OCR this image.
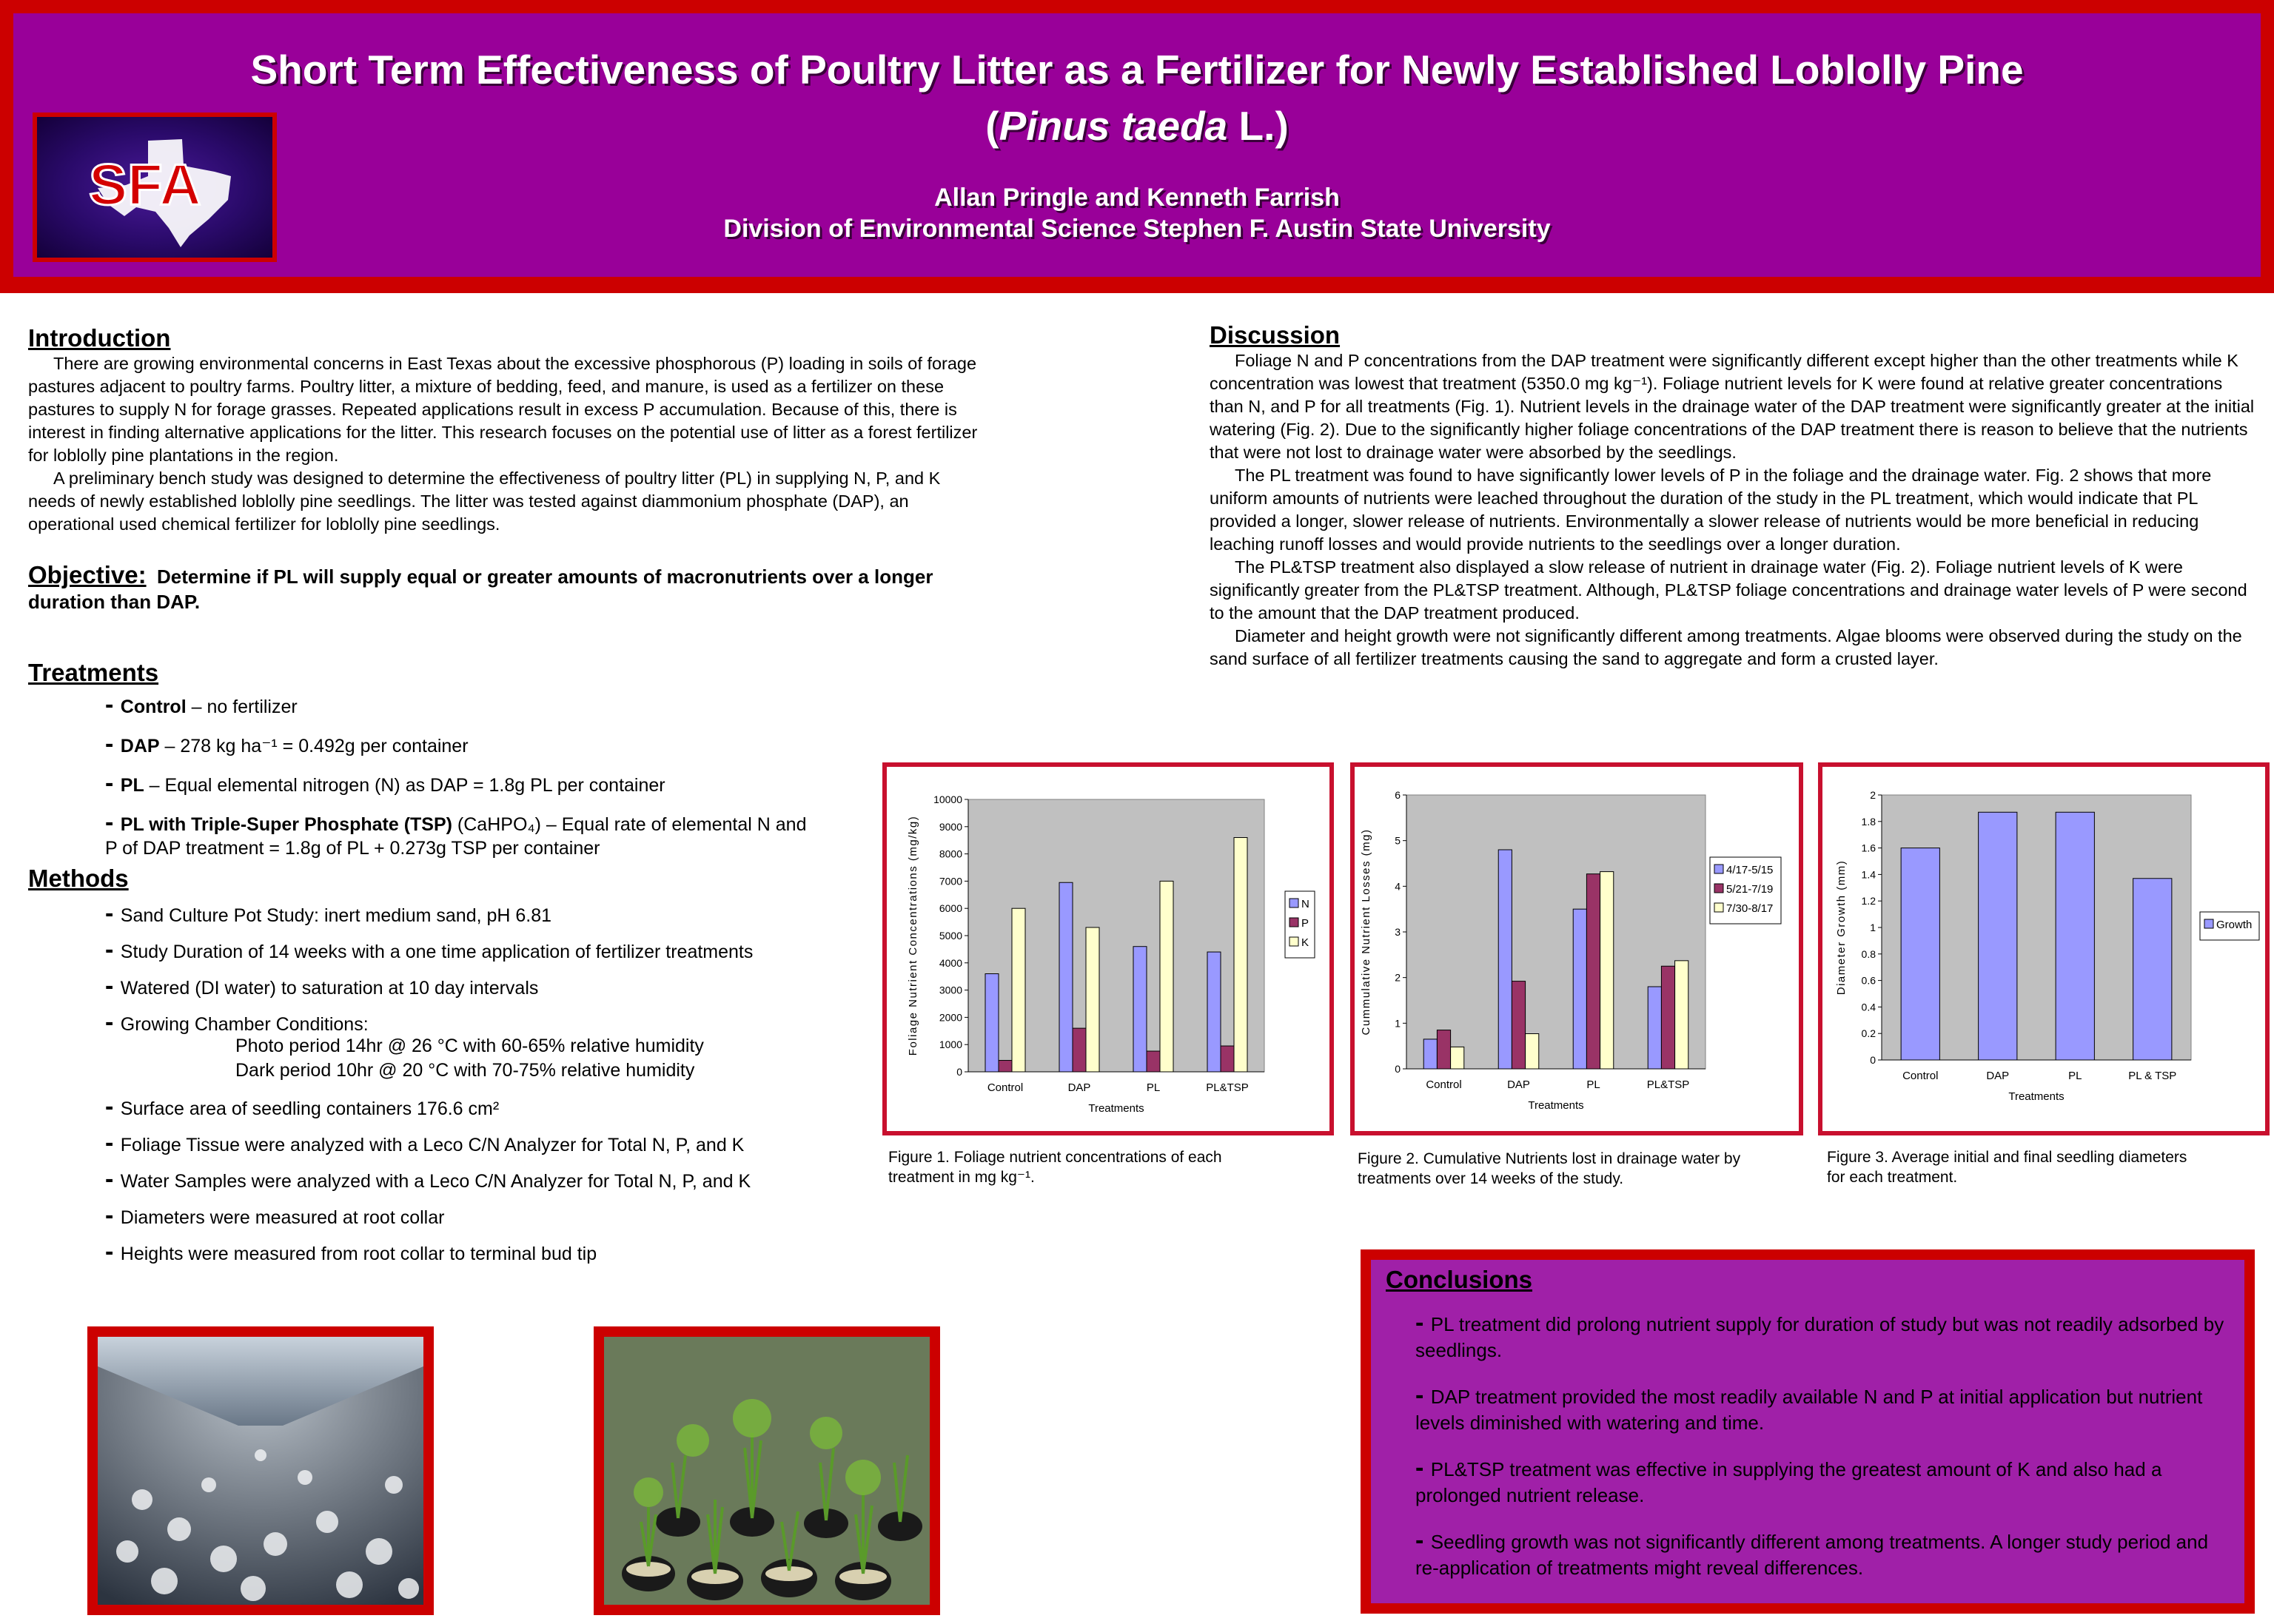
SFA
Short Term Effectiveness of Poultry Litter as a Fertilizer for Newly Established Loblolly Pine
(Pinus taeda L.)
Allan Pringle and Kenneth Farrish
Division of Environmental Science Stephen F. Austin State University
Introduction

There are growing environmental concerns in East Texas about the excessive phosphorous (P) loading in soils of forage pastures adjacent to poultry farms. Poultry litter, a mixture of bedding, feed, and manure, is used as a fertilizer on these pastures to supply N for forage grasses. Repeated applications result in excess P accumulation. Because of this, there is interest in finding alternative applications for the litter. This research focuses on the potential use of litter as a forest fertilizer for loblolly pine plantations in the region.

A preliminary bench study was designed to determine the effectiveness of poultry litter (PL) in supplying N, P, and K needs of newly established loblolly pine seedlings. The litter was tested against diammonium phosphate (DAP), an operational used chemical fertilizer for loblolly pine seedlings.

Objective: Determine if PL will supply equal or greater amounts of macronutrients over a longer duration than DAP.
Treatments
- Control – no fertilizer
- DAP – 278 kg ha⁻¹ = 0.492g per container
- PL – Equal elemental nitrogen (N) as DAP = 1.8g PL per container
- PL with Triple-Super Phosphate (TSP) (CaHPO₄) – Equal rate of elemental N and P of DAP treatment = 1.8g of PL + 0.273g TSP per container
Methods
- Sand Culture Pot Study: inert medium sand, pH 6.81
- Study Duration of 14 weeks with a one time application of fertilizer treatments
- Watered (DI water) to saturation at 10 day intervals
- Growing Chamber Conditions:
Photo period 14hr @ 26 °C with 60-65% relative humidity
Dark period 10hr @ 20 °C with 70-75% relative humidity
- Surface area of seedling containers 176.6 cm²
- Foliage Tissue were analyzed with a Leco C/N Analyzer for Total N, P, and K
- Water Samples were analyzed with a Leco C/N Analyzer for Total N, P, and K
- Diameters were measured at root collar
- Heights were measured from root collar to terminal bud tip
Discussion

Foliage N and P concentrations from the DAP treatment were significantly different except higher than the other treatments while K concentration was lowest that treatment (5350.0 mg kg⁻¹). Foliage nutrient levels for K were found at relative greater concentrations than N, and P for all treatments (Fig. 1). Nutrient levels in the drainage water of the DAP treatment were significantly greater at the initial watering (Fig. 2). Due to the significantly higher foliage concentrations of the DAP treatment there is reason to believe that the nutrients that were not lost to drainage water were absorbed by the seedlings.

The PL treatment was found to have significantly lower levels of P in the foliage and the drainage water. Fig. 2 shows that more uniform amounts of nutrients were leached throughout the duration of the study in the PL treatment, which would indicate that PL provided a longer, slower release of nutrients. Environmentally a slower release of nutrients would be more beneficial in reducing leaching runoff losses and would provide nutrients to the seedlings over a longer duration.

The PL&TSP treatment also displayed a slow release of nutrient in drainage water (Fig. 2). Foliage nutrient levels of K were significantly greater from the PL&TSP treatment. Although, PL&TSP foliage concentrations and drainage water levels of P were second to the amount that the DAP treatment produced.

Diameter and height growth were not significantly different among treatments. Algae blooms were observed during the study on the sand surface of all fertilizer treatments causing the sand to aggregate and form a crusted layer.

0
1000
2000
3000
4000
5000
6000
7000
8000
9000
10000
Control	DAP	PL	PL&TSP
Treatments
Foliage Nutrient Concentrations (mg/kg)	N
P
K
0
1
2
3
4
5
6
Control	DAP	PL	PL&TSP
Treatments
Cummulative Nutrient Losses (mg)	4/17-5/15
5/21-7/19
7/30-8/17
0
0.2
0.4
0.6
0.8
1
1.2
1.4
1.6
1.8
2
Control	DAP	PL	PL & TSP
Treatments
Diameter Growth (mm)	Growth
Figure 1. Foliage nutrient concentrations of each treatment in mg kg⁻¹.
Figure 2. Cumulative Nutrients lost in drainage water by treatments over 14 weeks of the study.
Figure 3. Average initial and final seedling diameters for each treatment.
Conclusions
- PL treatment did prolong nutrient supply for duration of study but was not readily adsorbed by seedlings.
- DAP treatment provided the most readily available N and P at initial application but nutrient levels diminished with watering and time.
- PL&TSP treatment was effective in supplying the greatest amount of K and also had a prolonged nutrient release.
- Seedling growth was not significantly different among treatments. A longer study period and re-application of treatments might reveal differences.
